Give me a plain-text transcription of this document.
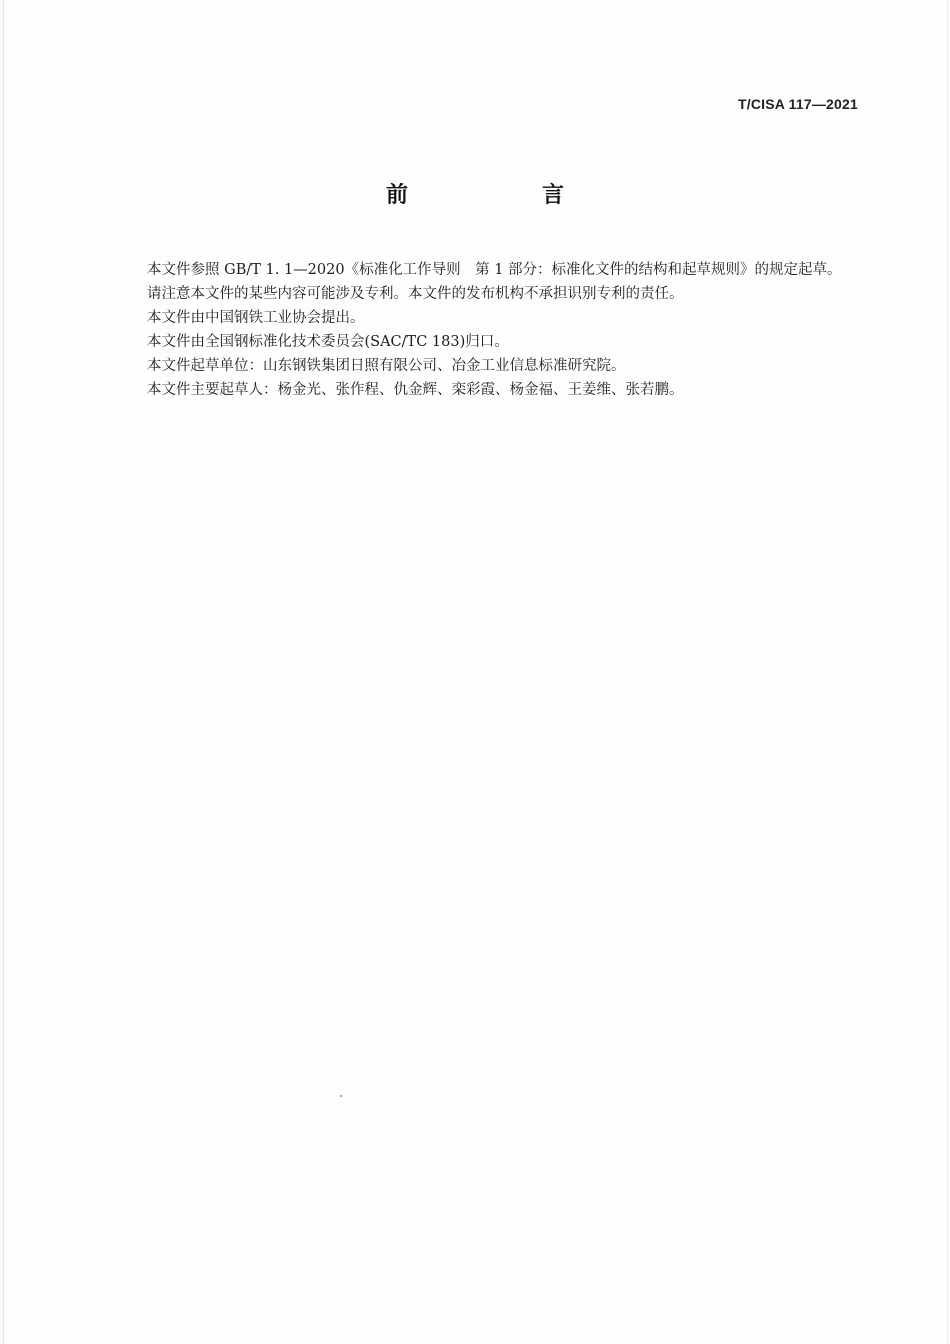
T/CISA 117—2021
前　言

本文件参照 GB/T 1. 1—2020《标准化工作导则　第 1 部分：标准化文件的结构和起草规则》的规定起草。

请注意本文件的某些内容可能涉及专利。本文件的发布机构不承担识别专利的责任。

本文件由中国钢铁工业协会提出。

本文件由全国钢标准化技术委员会(SAC/TC 183)归口。

本文件起草单位：山东钢铁集团日照有限公司、冶金工业信息标准研究院。

本文件主要起草人：杨金光、张作程、仇金辉、栾彩霞、杨金福、王姜维、张若鹏。
